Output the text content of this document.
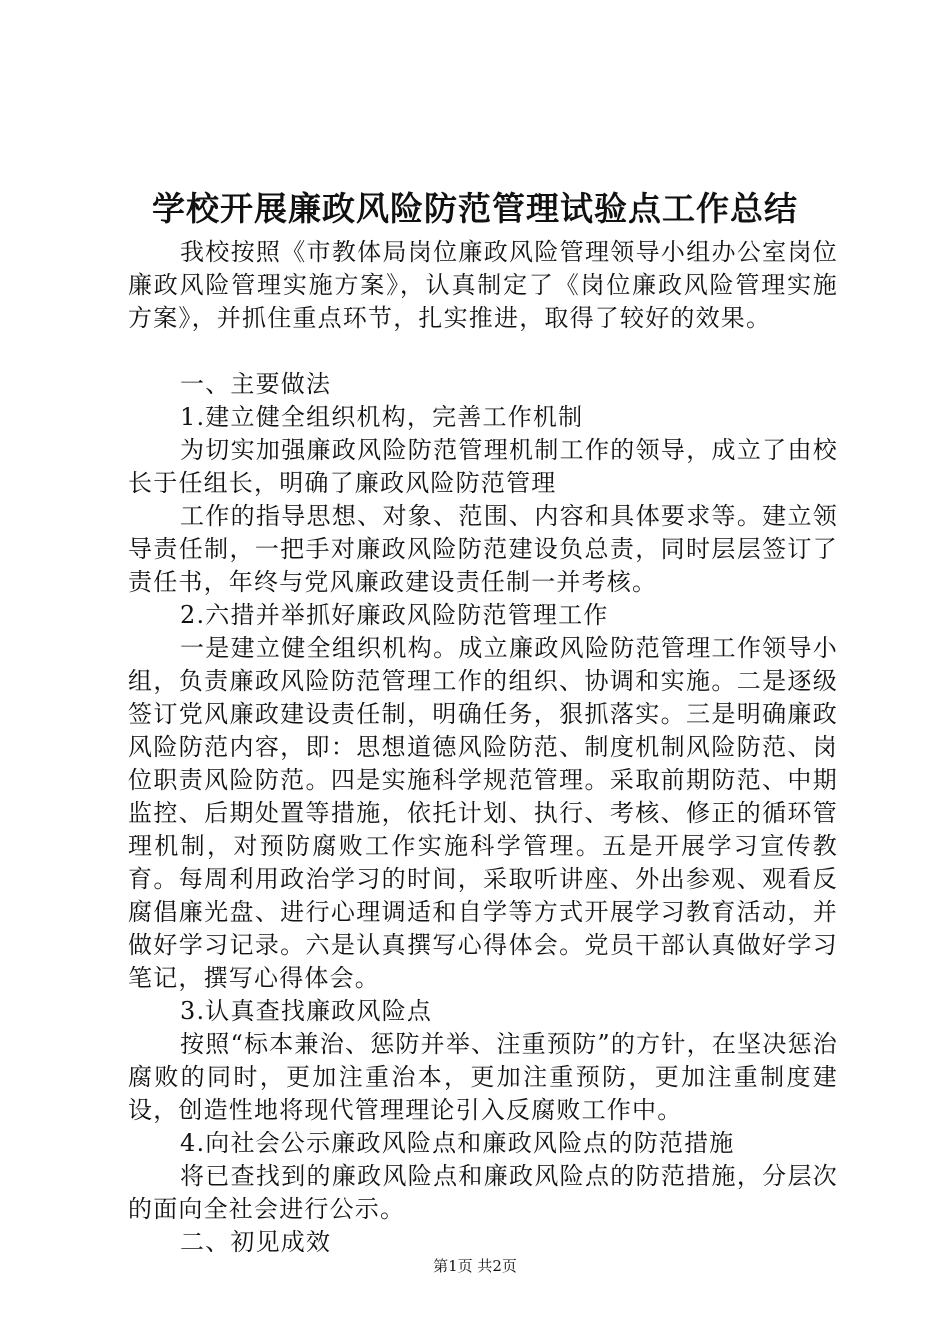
学校开展廉政风险防范管理试验点工作总结

我校按照《市教体局岗位廉政风险管理领导小组办公室岗位廉政风险管理实施方案》，认真制定了《岗位廉政风险管理实施方案》，并抓住重点环节，扎实推进，取得了较好的效果。

一、主要做法

1.建立健全组织机构，完善工作机制

为切实加强廉政风险防范管理机制工作的领导，成立了由校长于任组长，明确了廉政风险防范管理

工作的指导思想、对象、范围、内容和具体要求等。建立领导责任制，一把手对廉政风险防范建设负总责，同时层层签订了责任书，年终与党风廉政建设责任制一并考核。

2.六措并举抓好廉政风险防范管理工作

一是建立健全组织机构。成立廉政风险防范管理工作领导小组，负责廉政风险防范管理工作的组织、协调和实施。二是逐级签订党风廉政建设责任制，明确任务，狠抓落实。三是明确廉政风险防范内容，即：思想道德风险防范、制度机制风险防范、岗位职责风险防范。四是实施科学规范管理。采取前期防范、中期监控、后期处置等措施，依托计划、执行、考核、修正的循环管理机制，对预防腐败工作实施科学管理。五是开展学习宣传教育。每周利用政治学习的时间，采取听讲座、外出参观、观看反腐倡廉光盘、进行心理调适和自学等方式开展学习教育活动，并做好学习记录。六是认真撰写心得体会。党员干部认真做好学习笔记，撰写心得体会。

3.认真查找廉政风险点

按照“标本兼治、惩防并举、注重预防”的方针，在坚决惩治腐败的同时，更加注重治本，更加注重预防，更加注重制度建设，创造性地将现代管理理论引入反腐败工作中。

4.向社会公示廉政风险点和廉政风险点的防范措施

将已查找到的廉政风险点和廉政风险点的防范措施，分层次的面向全社会进行公示。

二、初见成效

第1页 共2页
